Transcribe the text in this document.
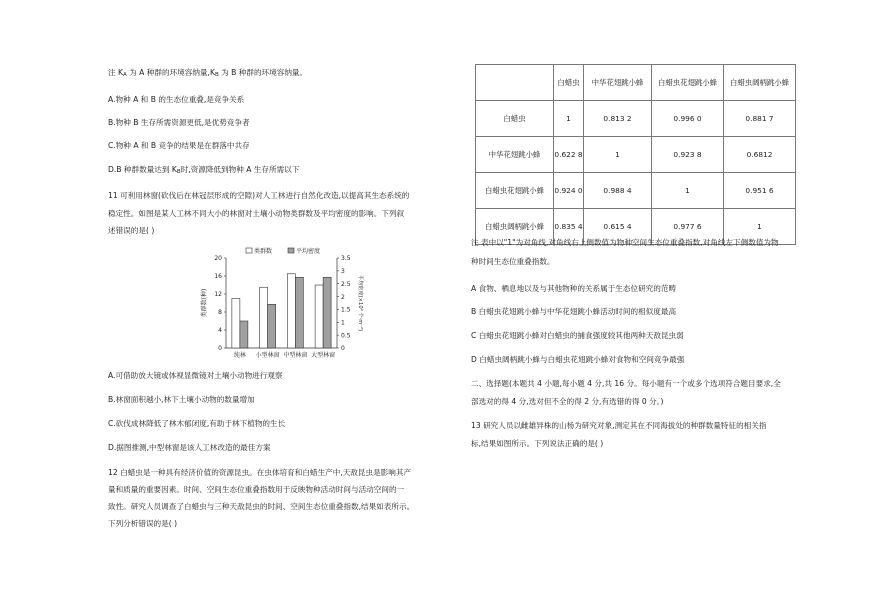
注 $K_A$ 为 A 种群的环境容纳量$,K_B$ 为 B 种群的环境容纳量。
A.物种 A 和 B 的生态位重叠,是竞争关系
B.物种 B 生存所需资源更低,是优势竞争者
C.物种 A 和 B 竞争的结果是在群落中共存
D.B 种群数量达到 $K_B$时,资源降低到物种 A 生存所需以下
11 可利用林窗(砍伐后在林冠层形成的空隙)对人工林进行自然化改造,以提高其生态系统的
稳定性。如图是某人工林不同大小的林窗对土壤小动物类群数及平均密度的影响。下列叙
述错误的是( )
0
4
8
12
16
20
0
0.5
1
1.5
2
2.5
3
3.5
类群数(种)	平均密度(×10⁴ 个·m⁻²)
纯林 小型林窗 中型林窗 大型林窗
类群数	平均密度
A.可借助放大镜或体视显微镜对土壤小动物进行观察
B.林窗面积越小,林下土壤小动物的数量增加
C.砍伐成林降低了林木郁闭度,有助于林下植物的生长
D.据图推测,中型林窗是该人工林改造的最佳方案
12 白蜡虫是一种具有经济价值的资源昆虫。在虫体培育和白蜡生产中,天敌昆虫是影响其产
量和质量的重要因素。时间、空间生态位重叠指数用于反映物种活动时间与活动空间的一
致性。研究人员调查了白蜡虫与三种天敌昆虫的时间、空间生态位重叠指数,结果如表所示。
下列分析错误的是( )
	白蜡虫	中华花翅跳小蜂	白蜡虫花翅跳小蜂	白蜡虫阔柄跳小蜂
白蜡虫	1	0.813 2	0.996 0	0.881 7
中华花翅跳小蜂	0.622 8	1	0.923 8	0.6812
白蜡虫花翅跳小蜂	0.924 0	0.988 4	1	0.951 6
白蜡虫阔柄跳小蜂	0.835 4	0.615 4	0.977 6	1
注 表中以"1"为对角线,对角线右上侧数值为物种空间生态位重叠指数,对角线左下侧数值为物
种时间生态位重叠指数。
A 食物、栖息地以及与其他物种的关系属于生态位研究的范畴
B 白蜡虫花翅跳小蜂与中华花翅跳小蜂活动时间的相似度最高
C 白蜡虫花翅跳小蜂对白蜡虫的捕食强度较其他两种天敌昆虫弱
D 白蜡虫阔柄跳小蜂与白蜡虫花翅跳小蜂对食物和空间竞争最强
二、选择题(本题共 4 小题,每小题 4 分,共 16 分。每小题有一个或多个选项符合题目要求,全
部选对的得 4 分,选对但不全的得 2 分,有选错的得 0 分。)
13 研究人员以雌雄异株的山杨为研究对象,测定其在不同海拔处的种群数量特征的相关指
标,结果如图所示。下列说法正确的是( )
